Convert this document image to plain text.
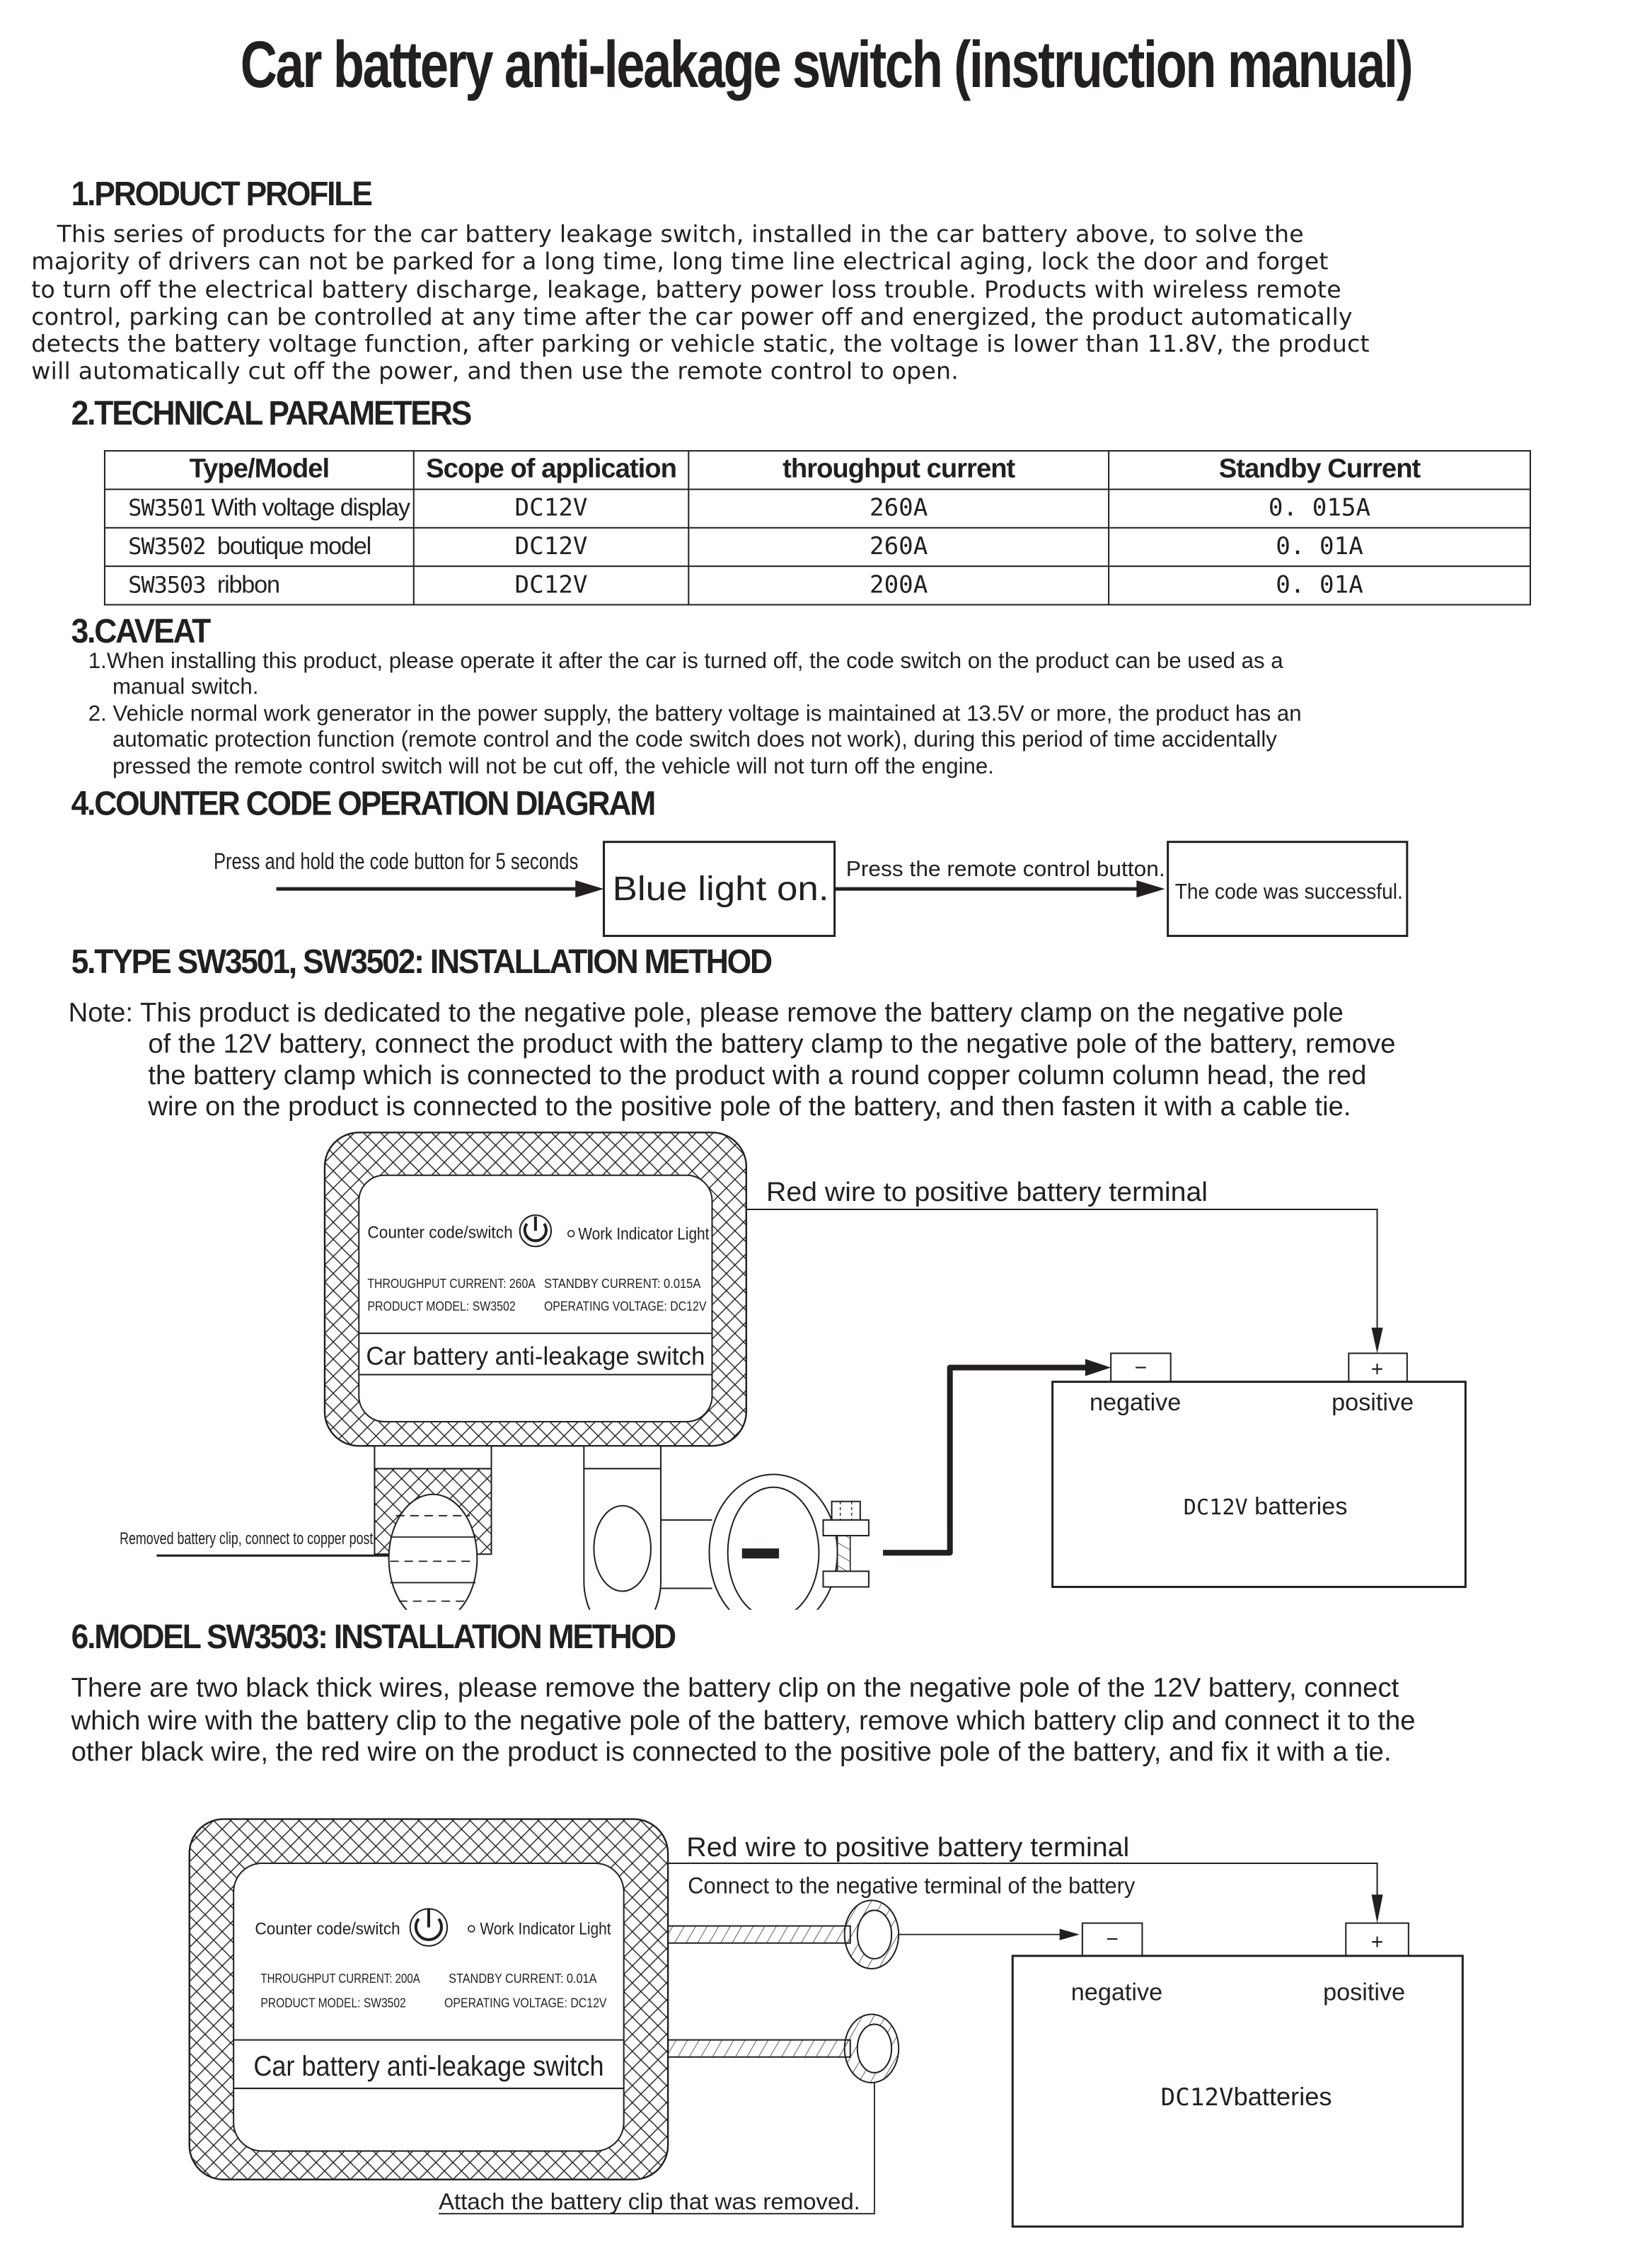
Car battery anti-leakage switch (instruction manual)
1.PRODUCT PROFILE
This series of products for the car battery leakage switch, installed in the car battery above, to solve the
majority of drivers can not be parked for a long time, long time line electrical aging, lock the door and forget
to turn off the electrical battery discharge, leakage, battery power loss trouble. Products with wireless remote
control, parking can be controlled at any time after the car power off and energized, the product automatically
detects the battery voltage function, after parking or vehicle static, the voltage is lower than 11.8V, the product
will automatically cut off the power, and then use the remote control to open.
2.TECHNICAL PARAMETERS
Type/Model	Scope of application	throughput current	Standby Current
SW3501 With voltage display	DC12V	260A	0. 015A
SW3502 boutique model	DC12V	260A	0. 01A
SW3503 ribbon	DC12V	200A	0. 01A
3.CAVEAT
1.When installing this product, please operate it after the car is turned off, the code switch on the product can be used as a
manual switch.
2. Vehicle normal work generator in the power supply, the battery voltage is maintained at 13.5V or more, the product has an
automatic protection function (remote control and the code switch does not work), during this period of time accidentally
pressed the remote control switch will not be cut off, the vehicle will not turn off the engine.
4.COUNTER CODE OPERATION DIAGRAM
Press and hold the code button for 5 seconds
Blue light on.
Press the remote control button.
The code was successful.
5.TYPE SW3501, SW3502: INSTALLATION METHOD
Note: This product is dedicated to the negative pole, please remove the battery clamp on the negative pole
of the 12V battery, connect the product with the battery clamp to the negative pole of the battery, remove
the battery clamp which is connected to the product with a round copper column column head, the red
wire on the product is connected to the positive pole of the battery, and then fasten it with a cable tie.
Counter code/switch	Work Indicator Light
THROUGHPUT CURRENT: 260A STANDBY CURRENT: 0.015A
PRODUCT MODEL: SW3502	OPERATING VOLTAGE: DC12V
Car battery anti-leakage switch
Removed battery clip, connect to copper post
Red wire to positive battery terminal
−	+
negative	positive
DC12V batteries
6.MODEL SW3503: INSTALLATION METHOD
There are two black thick wires, please remove the battery clip on the negative pole of the 12V battery, connect
which wire with the battery clip to the negative pole of the battery, remove which battery clip and connect it to the
other black wire, the red wire on the product is connected to the positive pole of the battery, and fix it with a tie.
Counter code/switch	Work Indicator Light
THROUGHPUT CURRENT: 200A	STANDBY CURRENT: 0.01A
PRODUCT MODEL: SW3502	OPERATING VOLTAGE: DC12V
Car battery anti-leakage switch
Connect to the negative terminal of the battery
Red wire to positive battery terminal
Attach the battery clip that was removed.
−	+
negative	positive
DC12Vbatteries
